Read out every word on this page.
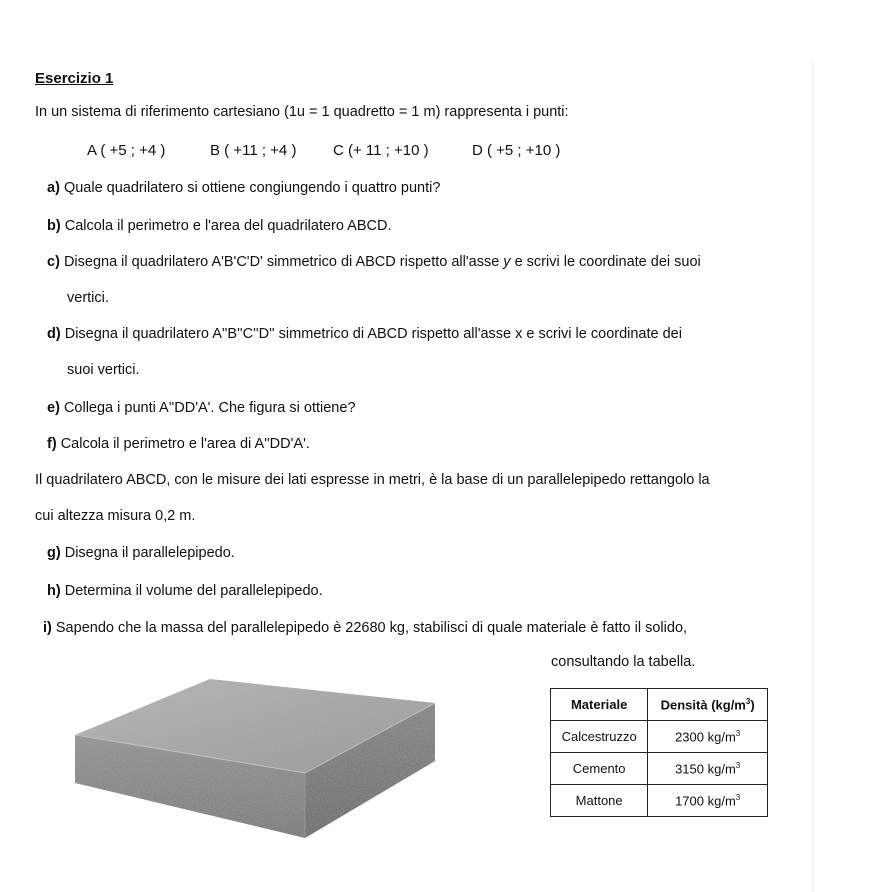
Esercizio 1
In un sistema di riferimento cartesiano (1u = 1 quadretto = 1 m) rappresenta i punti:
A ( +5 ; +4 )	B ( +11 ; +4 ) C (+ 11 ; +10 )	D ( +5 ; +10 )
a) Quale quadrilatero si ottiene congiungendo i quattro punti?
b) Calcola il perimetro e l'area del quadrilatero ABCD.
c) Disegna il quadrilatero A'B'C'D' simmetrico di ABCD rispetto all'asse y e scrivi le coordinate dei suoi
vertici.
d) Disegna il quadrilatero A''B''C''D'' simmetrico di ABCD rispetto all'asse x e scrivi le coordinate dei
suoi vertici.
e) Collega i punti A''DD'A'. Che figura si ottiene?
f) Calcola il perimetro e l'area di A''DD'A'.
Il quadrilatero ABCD, con le misure dei lati espresse in metri, è la base di un parallelepipedo rettangolo la
cui altezza misura 0,2 m.
g) Disegna il parallelepipedo.
h) Determina il volume del parallelepipedo.
i) Sapendo che la massa del parallelepipedo è 22680 kg, stabilisci di quale materiale è fatto il solido,
consultando la tabella.
Materiale	Densità $(kg/m^3)$
Calcestruzzo	2300 $kg/m^3$
Cemento	3150 $kg/m^3$
Mattone	1700 $kg/m^3$
